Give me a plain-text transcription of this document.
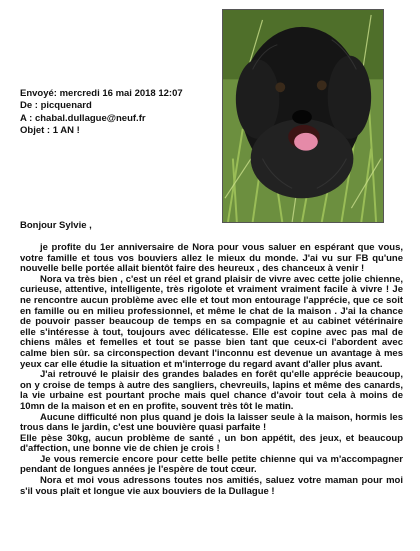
Envoyé: mercredi 16 mai 2018 12:07
De : picquenard
A : chabal.dullague@neuf.fr
Objet : 1 AN !
Bonjour Sylvie ,

je profite du 1er anniversaire de Nora pour vous saluer en espérant que vous, votre famille et tous vos bouviers allez le mieux du monde. J'ai vu sur FB qu'une nouvelle belle portée allait bientôt faire des heureux , des chanceux à venir !

Nora va très bien , c'est un réel et grand plaisir de vivre avec cette jolie chienne, curieuse, attentive, intelligente, très rigolote et vraiment vraiment facile à vivre ! Je ne rencontre aucun problème avec elle et tout mon entourage l'apprécie, que ce soit en famille ou en milieu professionnel, et même le chat de la maison . J'ai la chance de pouvoir passer beaucoup de temps en sa compagnie et au cabinet vétérinaire elle s'intéresse à tout, toujours avec délicatesse. Elle est copine avec pas mal de chiens mâles et femelles et tout se passe bien tant que ceux-ci l'abordent avec calme bien sûr. sa circonspection devant l'inconnu est devenue un avantage à mes yeux car elle étudie la situation et m'interroge du regard avant d'aller plus avant.

J'ai retrouvé le plaisir des grandes balades en forêt qu'elle apprécie beaucoup, on y croise de temps à autre des sangliers, chevreuils, lapins et même des canards, la vie urbaine est pourtant proche mais quel chance d'avoir tout cela à moins de 10mn de la maison et en en profite, souvent très tôt le matin.

Aucune difficulté non plus quand je dois la laisser seule à la maison, hormis les trous dans le jardin, c'est une bouvière quasi parfaite !

Elle pèse 30kg, aucun problème de santé , un bon appétit, des jeux, et beaucoup d'affection, une bonne vie de chien je crois !

Je vous remercie encore pour cette belle petite chienne qui va m'accompagner pendant de longues années je l'espère de tout cœur.

Nora et moi vous adressons toutes nos amitiés, saluez votre maman pour moi s'il vous plaît et longue vie aux bouviers de la Dullague !
